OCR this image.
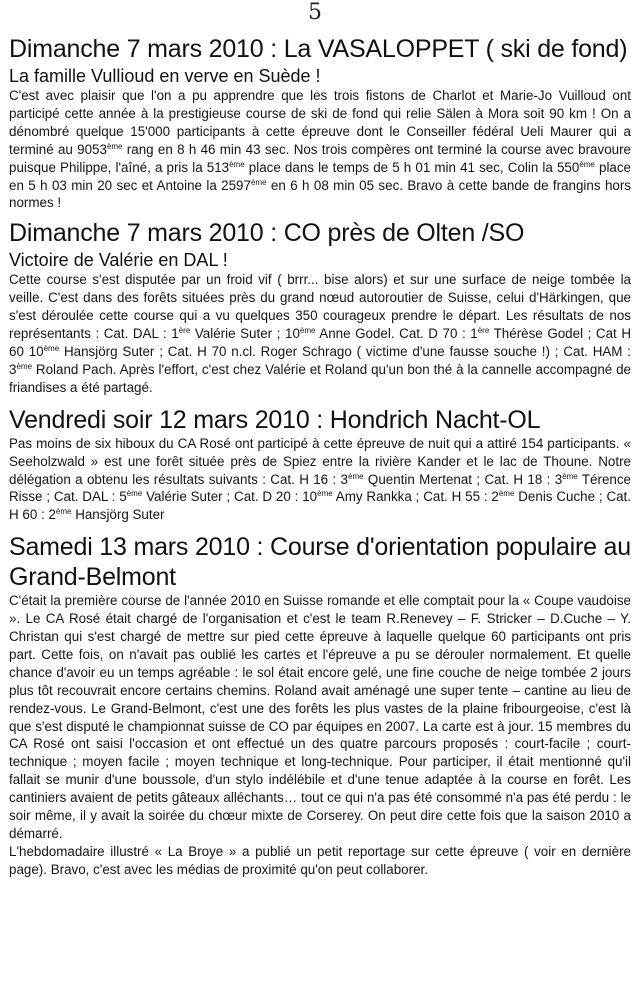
5
Dimanche 7 mars 2010 : La VASALOPPET ( ski de fond)
La famille Vullioud en verve en Suède !

C'est avec plaisir que l'on a pu apprendre que les trois fistons de Charlot et Marie-Jo Vuilloud ont participé cette année à la prestigieuse course de ski de fond qui relie Sälen à Mora soit 90 km ! On a dénombré quelque 15'000 participants à cette épreuve dont le Conseiller fédéral Ueli Maurer qui a terminé au 9053ème rang en 8 h 46 min 43 sec. Nos trois compères ont terminé la course avec bravoure puisque Philippe, l'aîné, a pris la 513ème place dans le temps de 5 h 01 min 41 sec, Colin la 550ème place en 5 h 03 min 20 sec et Antoine la 2597ème en 6 h 08 min 05 sec. Bravo à cette bande de frangins hors normes !

Dimanche 7 mars 2010 : CO près de Olten /SO
Victoire de Valérie en DAL !

Cette course s'est disputée par un froid vif ( brrr... bise alors) et sur une surface de neige tombée la veille. C'est dans des forêts situées près du grand nœud autoroutier de Suisse, celui d'Härkingen, que s'est déroulée cette course qui a vu quelques 350 courageux prendre le départ. Les résultats de nos représentants : Cat. DAL : 1ère Valérie Suter ; 10ème Anne Godel. Cat. D 70 : 1ère Thérèse Godel ; Cat H 60 10ème Hansjörg Suter ; Cat. H 70 n.cl. Roger Schrago ( victime d'une fausse souche !) ; Cat. HAM : 3ème Roland Pach. Après l'effort, c'est chez Valérie et Roland qu'un bon thé à la cannelle accompagné de friandises a été partagé.

Vendredi soir 12 mars 2010 : Hondrich Nacht-OL

Pas moins de six hiboux du CA Rosé ont participé à cette épreuve de nuit qui a attiré 154 participants. « Seeholzwald » est une forêt située près de Spiez entre la rivière Kander et le lac de Thoune. Notre délégation a obtenu les résultats suivants : Cat. H 16 : 3ème Quentin Mertenat ; Cat. H 18 : 3ème Térence Risse ; Cat. DAL : 5ème Valérie Suter ; Cat. D 20 : 10ème Amy Rankka ; Cat. H 55 : 2ème Denis Cuche ; Cat. H 60 : 2ème Hansjörg Suter

Samedi 13 mars 2010 : Course d'orientation populaire au Grand-Belmont

C'était la première course de l'année 2010 en Suisse romande et elle comptait pour la « Coupe vaudoise ». Le CA Rosé était chargé de l'organisation et c'est le team R.Renevey – F. Stricker – D.Cuche – Y. Christan qui s'est chargé de mettre sur pied cette épreuve à laquelle quelque 60 participants ont pris part. Cette fois, on n'avait pas oublié les cartes et l'épreuve a pu se dérouler normalement. Et quelle chance d'avoir eu un temps agréable : le sol était encore gelé, une fine couche de neige tombée 2 jours plus tôt recouvrait encore certains chemins. Roland avait aménagé une super tente – cantine au lieu de rendez-vous. Le Grand-Belmont, c'est une des forêts les plus vastes de la plaine fribourgeoise, c'est là que s'est disputé le championnat suisse de CO par équipes en 2007. La carte est à jour. 15 membres du CA Rosé ont saisi l'occasion et ont effectué un des quatre parcours proposés : court-facile ; court-technique ; moyen facile ; moyen technique et long-technique. Pour participer, il était mentionné qu'il fallait se munir d'une boussole, d'un stylo indélébile et d'une tenue adaptée à la course en forêt. Les cantiniers avaient de petits gâteaux alléchants… tout ce qui n'a pas été consommé n'a pas été perdu : le soir même, il y avait la soirée du chœur mixte de Corserey. On peut dire cette fois que la saison 2010 a démarré.

L'hebdomadaire illustré « La Broye » a publié un petit reportage sur cette épreuve ( voir en dernière page). Bravo, c'est avec les médias de proximité qu'on peut collaborer.
